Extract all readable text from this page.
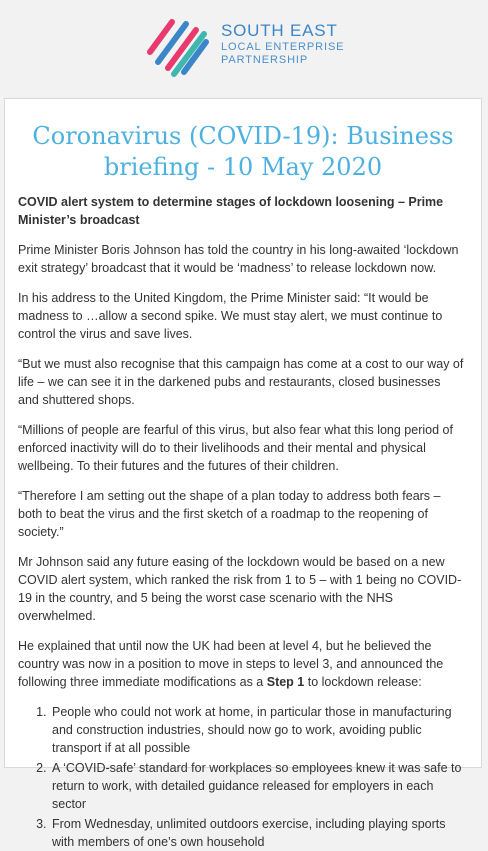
SOUTH EAST
LOCAL ENTERPRISE
PARTNERSHIP
Coronavirus (COVID-19): Business briefing - 10 May 2020

COVID alert system to determine stages of lockdown loosening – Prime Minister’s broadcast

Prime Minister Boris Johnson has told the country in his long-awaited ‘lockdown exit strategy’ broadcast that it would be ‘madness’ to release lockdown now.

In his address to the United Kingdom, the Prime Minister said: “It would be madness to …allow a second spike. We must stay alert, we must continue to control the virus and save lives.

“But we must also recognise that this campaign has come at a cost to our way of life – we can see it in the darkened pubs and restaurants, closed businesses and shuttered shops.

“Millions of people are fearful of this virus, but also fear what this long period of enforced inactivity will do to their livelihoods and their mental and physical wellbeing. To their futures and the futures of their children.

“Therefore I am setting out the shape of a plan today to address both fears – both to beat the virus and the first sketch of a roadmap to the reopening of society.”

Mr Johnson said any future easing of the lockdown would be based on a new COVID alert system, which ranked the risk from 1 to 5 – with 1 being no COVID-19 in the country, and 5 being the worst case scenario with the NHS overwhelmed.

He explained that until now the UK had been at level 4, but he believed the country was now in a position to move in steps to level 3, and announced the following three immediate modifications as a Step 1 to lockdown release:

1. People who could not work at home, in particular those in manufacturing and construction industries, should now go to work, avoiding public transport if at all possible
2. A ‘COVID-safe’ standard for workplaces so employees knew it was safe to return to work, with detailed guidance released for employers in each sector
3. From Wednesday, unlimited outdoors exercise, including playing sports with members of one’s own household
